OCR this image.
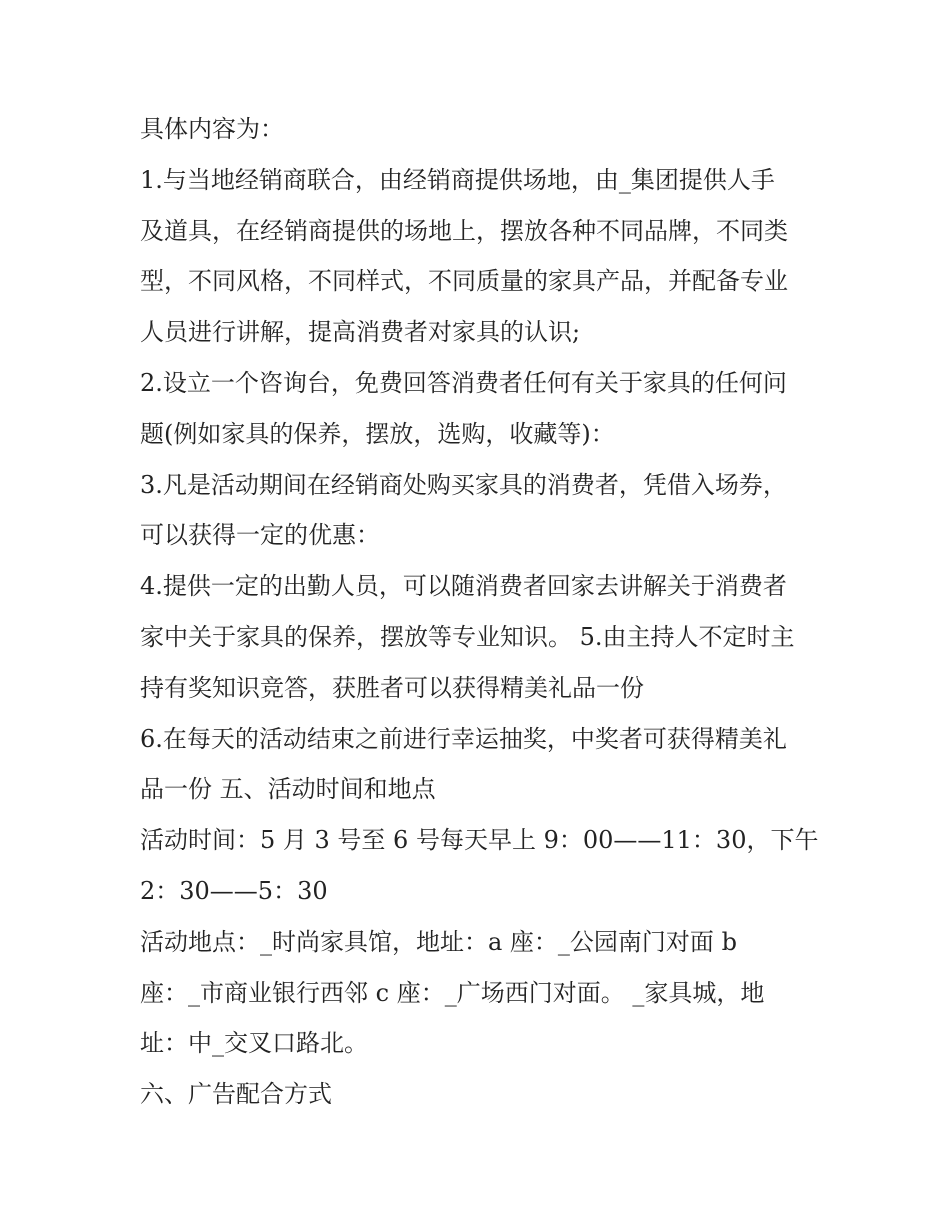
具体内容为：

1.与当地经销商联合，由经销商提供场地，由_集团提供人手

及道具，在经销商提供的场地上，摆放各种不同品牌，不同类

型，不同风格，不同样式，不同质量的家具产品，并配备专业

人员进行讲解，提高消费者对家具的认识;

2.设立一个咨询台，免费回答消费者任何有关于家具的任何问

题(例如家具的保养，摆放，选购，收藏等)：

3.凡是活动期间在经销商处购买家具的消费者，凭借入场券，

可以获得一定的优惠：

4.提供一定的出勤人员，可以随消费者回家去讲解关于消费者

家中关于家具的保养，摆放等专业知识。 5.由主持人不定时主

持有奖知识竞答，获胜者可以获得精美礼品一份

6.在每天的活动结束之前进行幸运抽奖，中奖者可获得精美礼

品一份 五、活动时间和地点

活动时间：5 月 3 号至 6 号每天早上 9：00——11：30，下午

2：30——5：30

活动地点：_时尚家具馆，地址：a 座：_公园南门对面 b

座：_市商业银行西邻 c 座：_广场西门对面。 _家具城，地

址：中_交叉口路北。

六、广告配合方式
